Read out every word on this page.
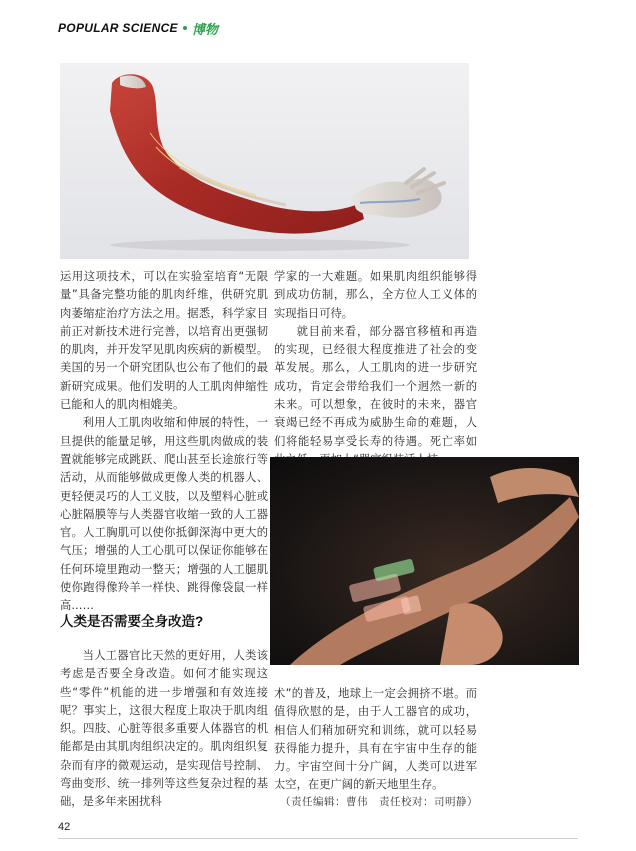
POPULAR SCIENCE 博物

运用这项技术，可以在实验室培育“无限量”具备完整功能的肌肉纤维，供研究肌肉萎缩症治疗方法之用。据悉，科学家目前正对新技术进行完善，以培育出更强韧的肌肉，并开发罕见肌肉疾病的新模型。美国的另一个研究团队也公布了他们的最新研究成果。他们发明的人工肌肉伸缩性已能和人的肌肉相媲美。

利用人工肌肉收缩和伸展的特性，一旦提供的能量足够，用这些肌肉做成的装置就能够完成跳跃、爬山甚至长途旅行等活动，从而能够做成更像人类的机器人、更轻便灵巧的人工义肢，以及塑料心脏或心脏隔膜等与人类器官收缩一致的人工器官。人工胸肌可以使你抵御深海中更大的气压；增强的人工心肌可以保证你能够在任何环境里跑动一整天；增强的人工腿肌使你跑得像羚羊一样快、跳得像袋鼠一样高……

人类是否需要全身改造?

当人工器官比天然的更好用，人类该考虑是否要全身改造。如何才能实现这些“零件”机能的进一步增强和有效连接呢？事实上，这很大程度上取决于肌肉组织。四肢、心脏等很多重要人体器官的机能都是由其肌肉组织决定的。肌肉组织复杂而有序的微观运动，是实现信号控制、弯曲变形、统一排列等这些复杂过程的基础，是多年来困扰科

学家的一大难题。如果肌肉组织能够得到成功仿制，那么，全方位人工义体的实现指日可待。

就目前来看，部分器官移植和再造的实现，已经很大程度推进了社会的变革发展。那么，人工肌肉的进一步研究成功，肯定会带给我们一个迥然一新的未来。可以想象，在彼时的未来，器官衰竭已经不再成为威胁生命的难题，人们将能轻易享受长寿的待遇。死亡率如

术”的普及，地球上一定会拥挤不堪。而值得欣慰的是，由于人工器官的成功，相信人们稍加研究和训练，就可以轻易获得能力提升，具有在宇宙中生存的能力。宇宙空间十分广阔，人类可以进军太空，在更广阔的新天地里生存。

（责任编辑：曹伟　责任校对：司明静）
42
